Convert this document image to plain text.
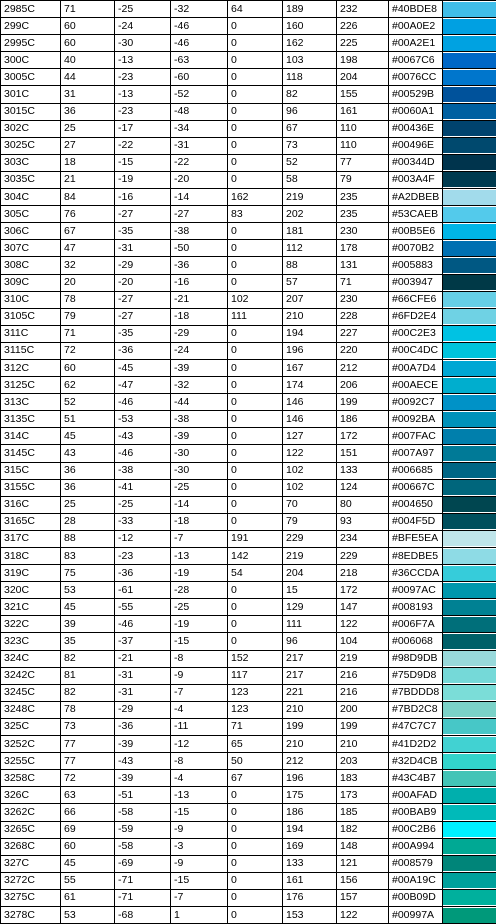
2985C	71	-25	-32	64	189	232	#40BDE8	

299C	60	-24	-46	0	160	226	#00A0E2	

2995C	60	-30	-46	0	162	225	#00A2E1	

300C	40	-13	-63	0	103	198	#0067C6	

3005C	44	-23	-60	0	118	204	#0076CC	

301C	31	-13	-52	0	82	155	#00529B	

3015C	36	-23	-48	0	96	161	#0060A1	

302C	25	-17	-34	0	67	110	#00436E	

3025C	27	-22	-31	0	73	110	#00496E	

303C	18	-15	-22	0	52	77	#00344D	

3035C	21	-19	-20	0	58	79	#003A4F	

304C	84	-16	-14	162	219	235	#A2DBEB	

305C	76	-27	-27	83	202	235	#53CAEB	

306C	67	-35	-38	0	181	230	#00B5E6	

307C	47	-31	-50	0	112	178	#0070B2	

308C	32	-29	-36	0	88	131	#005883	

309C	20	-20	-16	0	57	71	#003947	

310C	78	-27	-21	102	207	230	#66CFE6	

3105C	79	-27	-18	111	210	228	#6FD2E4	

311C	71	-35	-29	0	194	227	#00C2E3	

3115C	72	-36	-24	0	196	220	#00C4DC	

312C	60	-45	-39	0	167	212	#00A7D4	

3125C	62	-47	-32	0	174	206	#00AECE	

313C	52	-46	-44	0	146	199	#0092C7	

3135C	51	-53	-38	0	146	186	#0092BA	

314C	45	-43	-39	0	127	172	#007FAC	

3145C	43	-46	-30	0	122	151	#007A97	

315C	36	-38	-30	0	102	133	#006685	

3155C	36	-41	-25	0	102	124	#00667C	

316C	25	-25	-14	0	70	80	#004650	

3165C	28	-33	-18	0	79	93	#004F5D	

317C	88	-12	-7	191	229	234	#BFE5EA	

318C	83	-23	-13	142	219	229	#8EDBE5	

319C	75	-36	-19	54	204	218	#36CCDA	

320C	53	-61	-28	0	15	172	#0097AC	

321C	45	-55	-25	0	129	147	#008193	

322C	39	-46	-19	0	111	122	#006F7A	

323C	35	-37	-15	0	96	104	#006068	

324C	82	-21	-8	152	217	219	#98D9DB	

3242C	81	-31	-9	117	217	216	#75D9D8	

3245C	82	-31	-7	123	221	216	#7BDDD8	

3248C	78	-29	-4	123	210	200	#7BD2C8	

325C	73	-36	-11	71	199	199	#47C7C7	

3252C	77	-39	-12	65	210	210	#41D2D2	

3255C	77	-43	-8	50	212	203	#32D4CB	

3258C	72	-39	-4	67	196	183	#43C4B7	

326C	63	-51	-13	0	175	173	#00AFAD	

3262C	66	-58	-15	0	186	185	#00BAB9	

3265C	69	-59	-9	0	194	182	#00C2B6	

3268C	60	-58	-3	0	169	148	#00A994	

327C	45	-69	-9	0	133	121	#008579	

3272C	55	-71	-15	0	161	156	#00A19C	

3275C	61	-71	-7	0	176	157	#00B09D	

3278C	53	-68	1	0	153	122	#00997A	
